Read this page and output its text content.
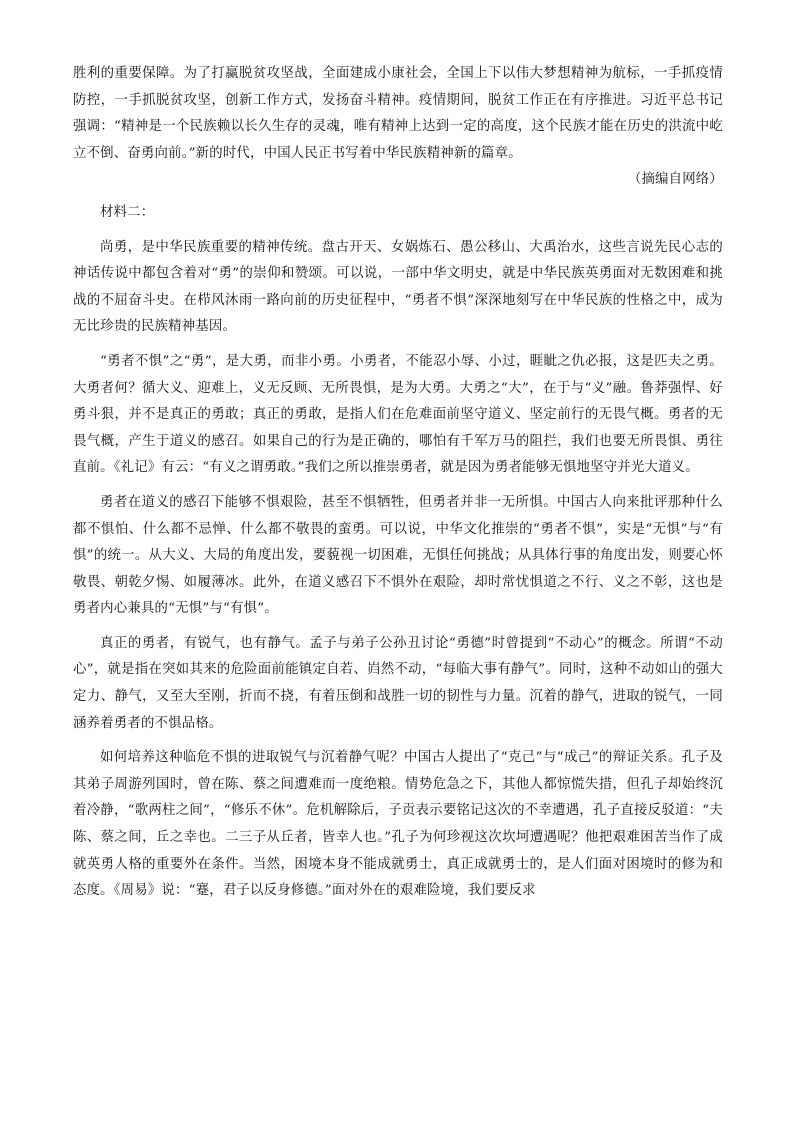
胜利的重要保障。为了打赢脱贫攻坚战，全面建成小康社会，全国上下以伟大梦想精神为航标，一手抓疫情防控，一手抓脱贫攻坚，创新工作方式，发扬奋斗精神。疫情期间，脱贫工作正在有序推进。习近平总书记强调：“精神是一个民族赖以长久生存的灵魂，唯有精神上达到一定的高度，这个民族才能在历史的洪流中屹立不倒、奋勇向前。”新的时代，中国人民正书写着中华民族精神新的篇章。

（摘编自网络）

材料二：

尚勇，是中华民族重要的精神传统。盘古开天、女娲炼石、愚公移山、大禹治水，这些言说先民心志的神话传说中都包含着对“勇”的崇仰和赞颂。可以说，一部中华文明史，就是中华民族英勇面对无数困难和挑战的不屈奋斗史。在栉风沐雨一路向前的历史征程中，“勇者不惧”深深地刻写在中华民族的性格之中，成为无比珍贵的民族精神基因。

“勇者不惧”之“勇”，是大勇，而非小勇。小勇者，不能忍小辱、小过，睚眦之仇必报，这是匹夫之勇。大勇者何？循大义、迎难上，义无反顾、无所畏惧，是为大勇。大勇之“大”，在于与“义”融。鲁莽强悍、好勇斗狠，并不是真正的勇敢；真正的勇敢，是指人们在危难面前坚守道义、坚定前行的无畏气概。勇者的无畏气概，产生于道义的感召。如果自己的行为是正确的，哪怕有千军万马的阻拦，我们也要无所畏惧、勇往直前。《礼记》有云：“有义之谓勇敢。”我们之所以推崇勇者，就是因为勇者能够无惧地坚守并光大道义。

勇者在道义的感召下能够不惧艰险，甚至不惧牺牲，但勇者并非一无所惧。中国古人向来批评那种什么都不惧怕、什么都不忌惮、什么都不敬畏的蛮勇。可以说，中华文化推崇的“勇者不惧”，实是“无惧”与“有惧”的统一。从大义、大局的角度出发，要藐视一切困难，无惧任何挑战；从具体行事的角度出发，则要心怀敬畏、朝乾夕惕、如履薄冰。此外，在道义感召下不惧外在艰险，却时常忧惧道之不行、义之不彰，这也是勇者内心兼具的“无惧”与“有惧”。

真正的勇者，有锐气，也有静气。孟子与弟子公孙丑讨论“勇德”时曾提到“不动心”的概念。所谓“不动心”，就是指在突如其来的危险面前能镇定自若、岿然不动，“每临大事有静气”。同时，这种不动如山的强大定力、静气，又至大至刚，折而不挠，有着压倒和战胜一切的韧性与力量。沉着的静气，进取的锐气，一同涵养着勇者的不惧品格。

如何培养这种临危不惧的进取锐气与沉着静气呢？中国古人提出了“克己”与“成己”的辩证关系。孔子及其弟子周游列国时，曾在陈、蔡之间遭难而一度绝粮。情势危急之下，其他人都惊慌失措，但孔子却始终沉着冷静，“歌两柱之间”，“修乐不休”。危机解除后，子贡表示要铭记这次的不幸遭遇，孔子直接反驳道：“夫陈、蔡之间，丘之幸也。二三子从丘者，皆幸人也。”孔子为何珍视这次坎坷遭遇呢？他把艰难困苦当作了成就英勇人格的重要外在条件。当然，困境本身不能成就勇士，真正成就勇士的，是人们面对困境时的修为和态度。《周易》说：“蹇，君子以反身修德。”面对外在的艰难险境，我们要反求
